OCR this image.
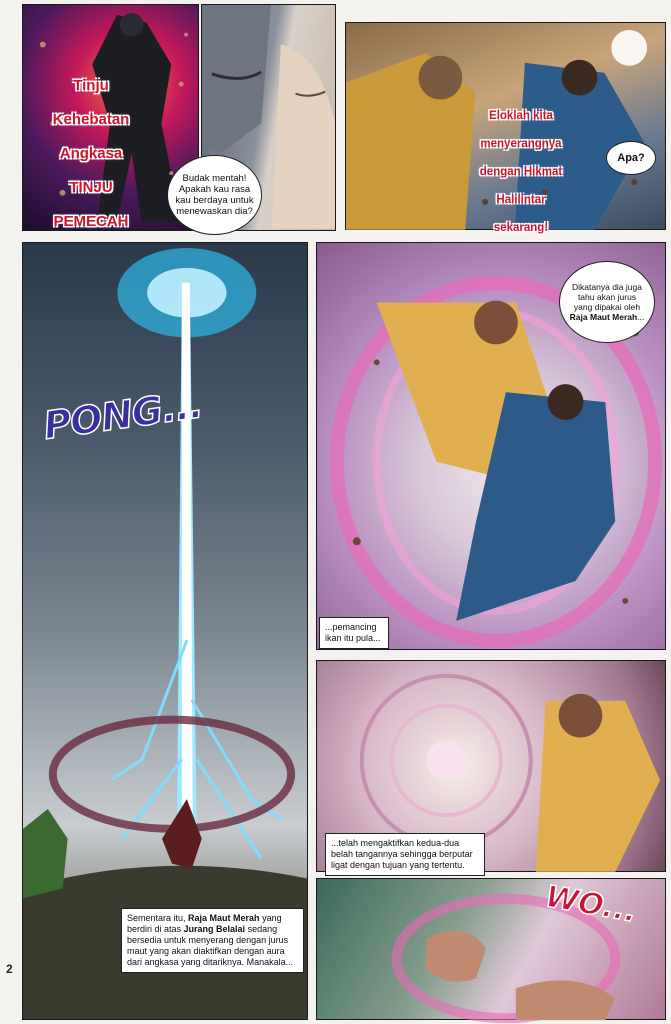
Tinju

Kehebatan

Angkasa

TINJU

PEMECAH

Budak mentah! Apakah kau rasa kau berdaya untuk menewaskan dia?

Eloklah kita

menyerangnya

dengan Hikmat

Halilintar

sekarang!

Apa?
PONG...
Sementara itu, Raja Maut Merah yang berdiri di atas Jurang Belalai sedang bersedia untuk menyerang dengan jurus maut yang akan diaktifkan dengan aura dari angkasa yang ditariknya. Manakala...
Dikatanya dia juga tahu akan jurus yang dipakai oleh Raja Maut Merah...
...pemancing ikan itu pula...
...telah mengaktifkan kedua-dua belah tangannya sehingga berputar ligat dengan tujuan yang tertentu.
WO...
2
